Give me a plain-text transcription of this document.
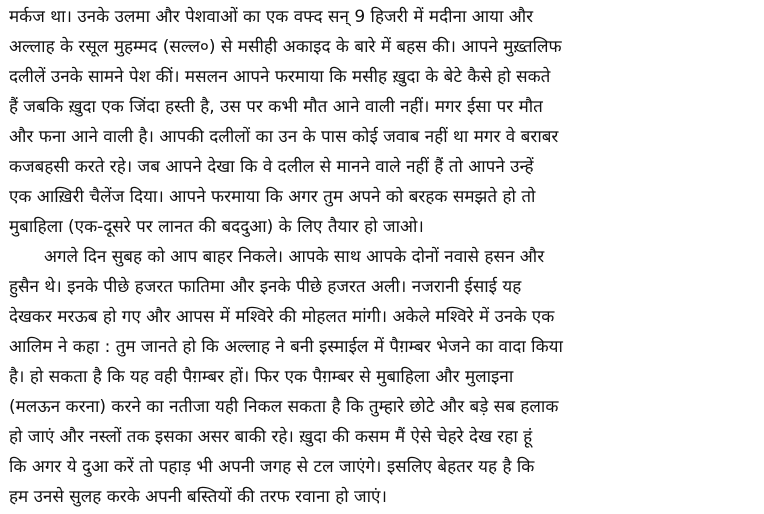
मर्कज था। उनके उलमा और पेशवाओं का एक वफ्द सन् 9 हिजरी में मदीना आया और
अल्लाह के रसूल मुहम्मद (सल्ल०) से मसीही अकाइद के बारे में बहस की। आपने मुख़्तलिफ
दलीलें उनके सामने पेश कीं। मसलन आपने फरमाया कि मसीह ख़ुदा के बेटे कैसे हो सकते
हैं जबकि ख़ुदा एक जिंदा हस्ती है, उस पर कभी मौत आने वाली नहीं। मगर ईसा पर मौत
और फना आने वाली है। आपकी दलीलों का उन के पास कोई जवाब नहीं था मगर वे बराबर
कजबहसी करते रहे। जब आपने देखा कि वे दलील से मानने वाले नहीं हैं तो आपने उन्हें
एक आख़िरी चैलेंज दिया। आपने फरमाया कि अगर तुम अपने को बरहक समझते हो तो
मुबाहिला (एक-दूसरे पर लानत की बददुआ) के लिए तैयार हो जाओ।
अगले दिन सुबह को आप बाहर निकले। आपके साथ आपके दोनों नवासे हसन और
हुसैन थे। इनके पीछे हजरत फातिमा और इनके पीछे हजरत अली। नजरानी ईसाई यह
देखकर मरऊब हो गए और आपस में मश्विरे की मोहलत मांगी। अकेले मश्विरे में उनके एक
आलिम ने कहा : तुम जानते हो कि अल्लाह ने बनी इस्माईल में पैग़म्बर भेजने का वादा किया
है। हो सकता है कि यह वही पैग़म्बर हों। फिर एक पैग़म्बर से मुबाहिला और मुलाइना
(मलऊन करना) करने का नतीजा यही निकल सकता है कि तुम्हारे छोटे और बड़े सब हलाक
हो जाएं और नस्लों तक इसका असर बाकी रहे। ख़ुदा की कसम मैं ऐसे चेहरे देख रहा हूं
कि अगर ये दुआ करें तो पहाड़ भी अपनी जगह से टल जाएंगे। इसलिए बेहतर यह है कि
हम उनसे सुलह करके अपनी बस्तियों की तरफ रवाना हो जाएं।
